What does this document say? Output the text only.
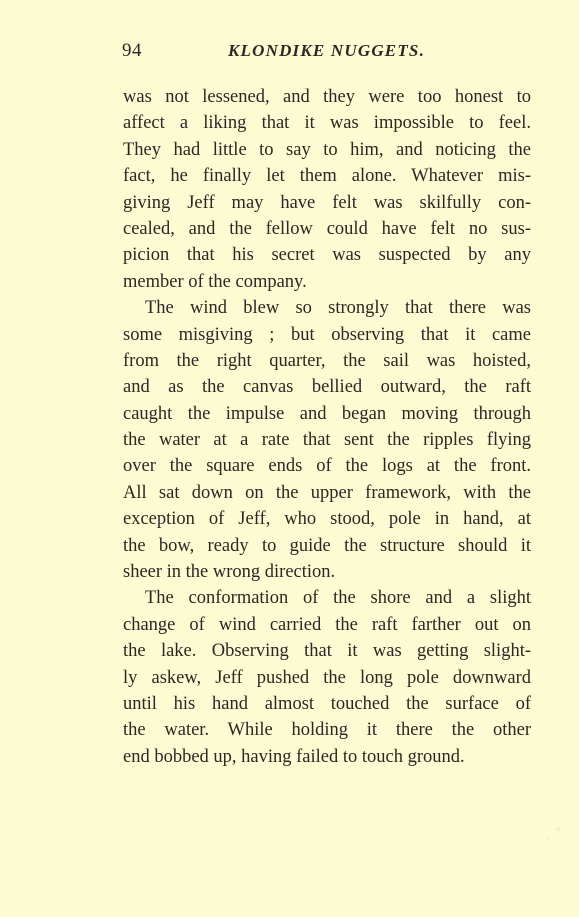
94	KLONDIKE NUGGETS.
was not lessened, and they were too honest to
affect a liking that it was impossible to feel.
They had little to say to him, and noticing the
fact, he finally let them alone. Whatever mis-
giving Jeff may have felt was skilfully con-
cealed, and the fellow could have felt no sus-
picion that his secret was suspected by any
member of the company.
The wind blew so strongly that there was
some misgiving ; but observing that it came
from the right quarter, the sail was hoisted,
and as the canvas bellied outward, the raft
caught the impulse and began moving through
the water at a rate that sent the ripples flying
over the square ends of the logs at the front.
All sat down on the upper framework, with the
exception of Jeff, who stood, pole in hand, at
the bow, ready to guide the structure should it
sheer in the wrong direction.
The conformation of the shore and a slight
change of wind carried the raft farther out on
the lake. Observing that it was getting slight-
ly askew, Jeff pushed the long pole downward
until his hand almost touched the surface of
the water. While holding it there the other
end bobbed up, having failed to touch ground.
·:
·
